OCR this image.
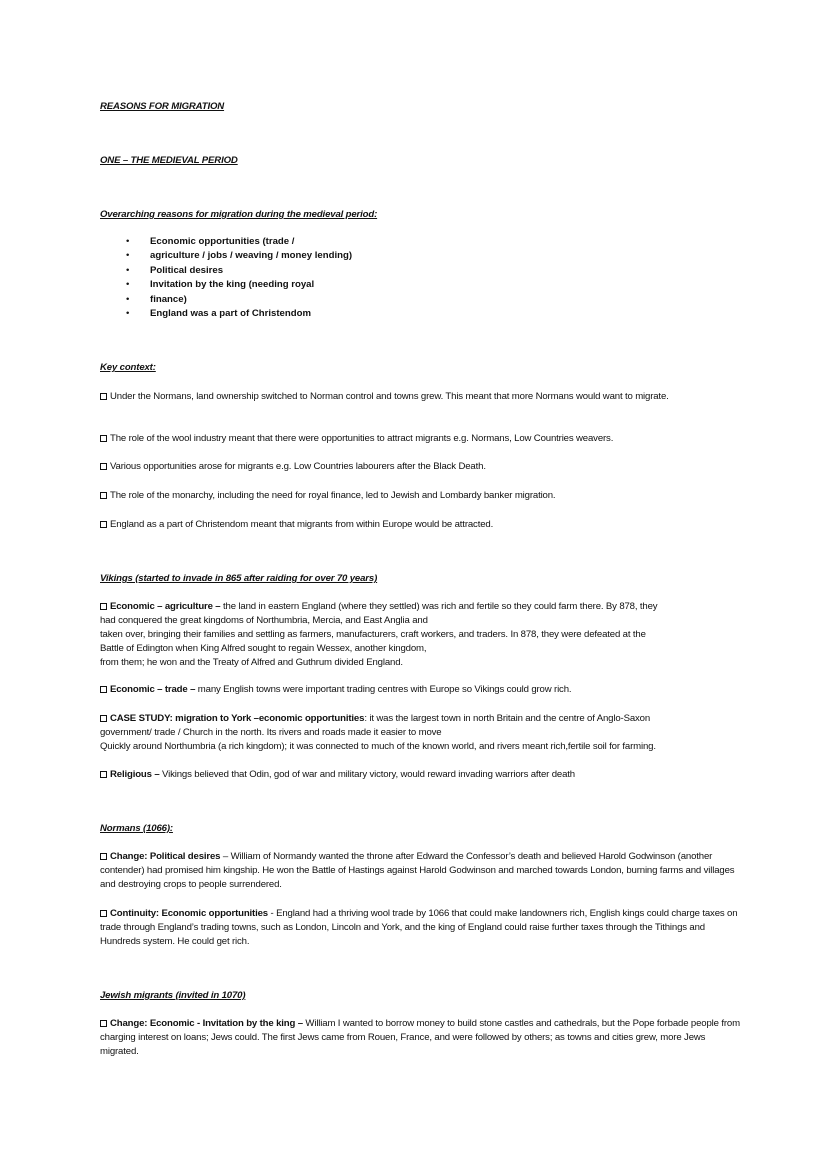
REASONS FOR MIGRATION
ONE – THE MEDIEVAL PERIOD
Overarching reasons for migration during the medieval period:
• Economic opportunities (trade /
• agriculture / jobs / weaving / money lending)
• Political desires
• Invitation by the king (needing royal
• finance)
• England was a part of Christendom
Key context:
Under the Normans, land ownership switched to Norman control and towns grew. This meant that more Normans would want to migrate.
The role of the wool industry meant that there were opportunities to attract migrants e.g. Normans, Low Countries weavers.
Various opportunities arose for migrants e.g. Low Countries labourers after the Black Death.
The role of the monarchy, including the need for royal finance, led to Jewish and Lombardy banker migration.
England as a part of Christendom meant that migrants from within Europe would be attracted.
Vikings (started to invade in 865 after raiding for over 70 years)
Economic – agriculture – the land in eastern England (where they settled) was rich and fertile so they could farm there. By 878, they
had conquered the great kingdoms of Northumbria, Mercia, and East Anglia and
taken over, bringing their families and settling as farmers, manufacturers, craft workers, and traders. In 878, they were defeated at the
Battle of Edington when King Alfred sought to regain Wessex, another kingdom,
from them; he won and the Treaty of Alfred and Guthrum divided England.
Economic – trade – many English towns were important trading centres with Europe so Vikings could grow rich.
CASE STUDY: migration to York –economic opportunities: it was the largest town in north Britain and the centre of Anglo-Saxon
government/ trade / Church in the north. Its rivers and roads made it easier to move
Quickly around Northumbria (a rich kingdom); it was connected to much of the known world, and rivers meant rich,fertile soil for farming.
Religious – Vikings believed that Odin, god of war and military victory, would reward invading warriors after death
Normans (1066):
Change: Political desires – William of Normandy wanted the throne after Edward the Confessor’s death and believed Harold Godwinson (another contender) had promised him kingship. He won the Battle of Hastings against Harold Godwinson and marched towards London, burning farms and villages and destroying crops to people surrendered.
Continuity: Economic opportunities - England had a thriving wool trade by 1066 that could make landowners rich, English kings could charge taxes on trade through England’s trading towns, such as London, Lincoln and York, and the king of England could raise further taxes through the Tithings and Hundreds system. He could get rich.
Jewish migrants (invited in 1070)
Change: Economic - Invitation by the king – William I wanted to borrow money to build stone castles and cathedrals, but the Pope forbade people from charging interest on loans; Jews could. The first Jews came from Rouen, France, and were followed by others; as towns and cities grew, more Jews migrated.
